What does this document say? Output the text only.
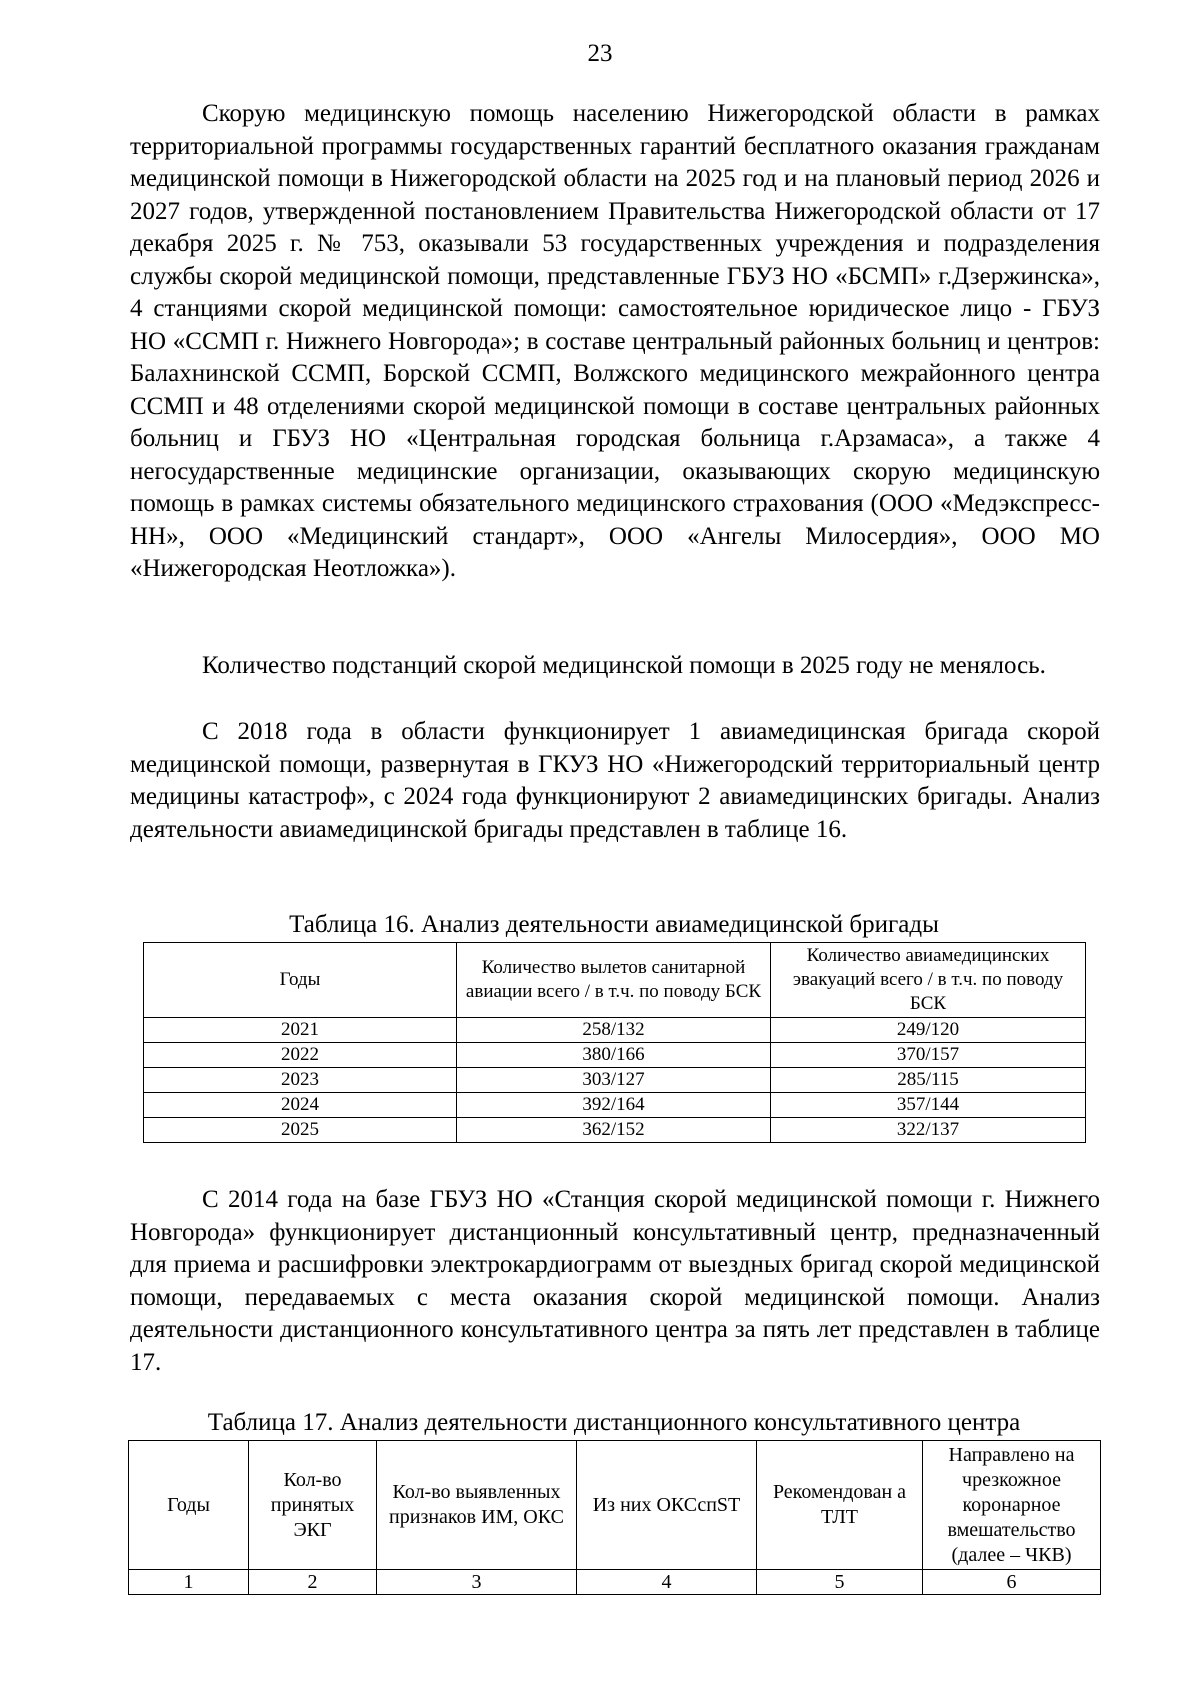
23

Скорую медицинскую помощь населению Нижегородской области в рамках территориальной программы государственных гарантий бесплатного оказания гражданам медицинской помощи в Нижегородской области на 2025 год и на плановый период 2026 и 2027 годов, утвержденной постановлением Правительства Нижегородской области от 17 декабря 2025 г. № 753, оказывали 53 государственных учреждения и подразделения службы скорой медицинской помощи, представленные ГБУЗ НО «БСМП» г.Дзержинска», 4 станциями скорой медицинской помощи: самостоятельное юридическое лицо - ГБУЗ НО «ССМП г. Нижнего Новгорода»; в составе центральный районных больниц и центров: Балахнинской ССМП, Борской ССМП, Волжского медицинского межрайонного центра ССМП и 48 отделениями скорой медицинской помощи в составе центральных районных больниц и ГБУЗ НО «Центральная городская больница г.Арзамаса», а также 4 негосударственные медицинские организации, оказывающих скорую медицинскую помощь в рамках системы обязательного медицинского страхования (ООО «Медэкспресс-НН», ООО «Медицинский стандарт», ООО «Ангелы Милосердия», ООО МО «Нижегородская Неотложка»).

Количество подстанций скорой медицинской помощи в 2025 году не менялось.

С 2018 года в области функционирует 1 авиамедицинская бригада скорой медицинской помощи, развернутая в ГКУЗ НО «Нижегородский территориальный центр медицины катастроф», с 2024 года функционируют 2 авиамедицинских бригады. Анализ деятельности авиамедицинской бригады представлен в таблице 16.

Таблица 16. Анализ деятельности авиамедицинской бригады
Годы	Количество вылетов санитарной авиации всего / в т.ч. по поводу БСК	Количество авиамедицинских эвакуаций всего / в т.ч. по поводу БСК
2021	258/132	249/120
2022	380/166	370/157
2023	303/127	285/115
2024	392/164	357/144
2025	362/152	322/137

С 2014 года на базе ГБУЗ НО «Станция скорой медицинской помощи г. Нижнего Новгорода» функционирует дистанционный консультативный центр, предназначенный для приема и расшифровки электрокардиограмм от выездных бригад скорой медицинской помощи, передаваемых с места оказания скорой медицинской помощи. Анализ деятельности дистанционного консультативного центра за пять лет представлен в таблице 17.

Таблица 17. Анализ деятельности дистанционного консультативного центра
Годы	Кол-во принятых ЭКГ	Кол-во выявленных признаков ИМ, ОКС	Из них ОКСспST	Рекомендован а ТЛТ	Направлено на чрезкожное коронарное вмешательство (далее – ЧКВ)
1	2	3	4	5	6
